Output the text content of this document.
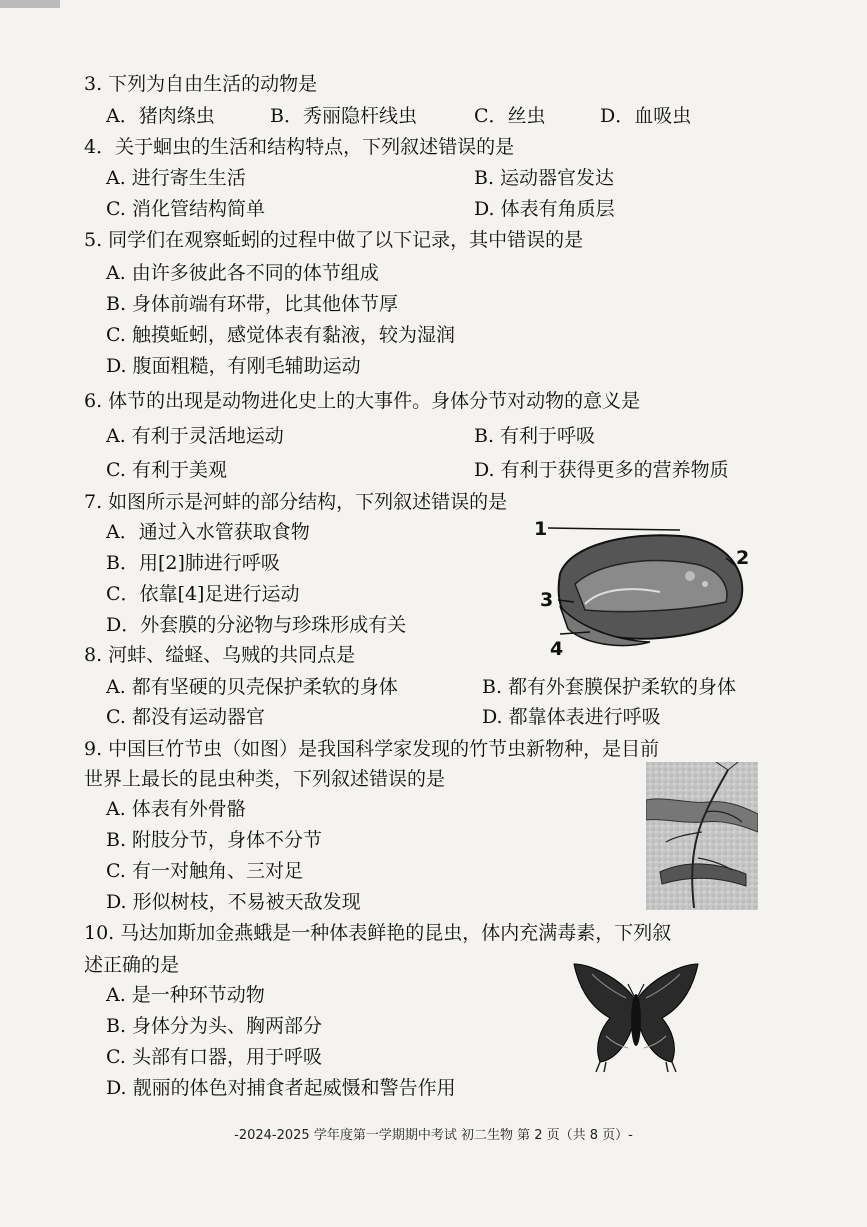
3. 下列为自由生活的动物是
A．猪肉绦虫	B．秀丽隐杆线虫	C．丝虫	D．血吸虫
4．关于蛔虫的生活和结构特点，下列叙述错误的是
A. 进行寄生生活	B. 运动器官发达
C. 消化管结构简单	D. 体表有角质层
5. 同学们在观察蚯蚓的过程中做了以下记录，其中错误的是
A. 由许多彼此各不同的体节组成
B. 身体前端有环带，比其他体节厚
C. 触摸蚯蚓，感觉体表有黏液，较为湿润
D. 腹面粗糙，有刚毛辅助运动
6. 体节的出现是动物进化史上的大事件。身体分节对动物的意义是
A. 有利于灵活地运动	B. 有利于呼吸
C. 有利于美观	D. 有利于获得更多的营养物质
7. 如图所示是河蚌的部分结构，下列叙述错误的是
A．通过入水管获取食物
B．用[2]肺进行呼吸
C．依靠[4]足进行运动
D．外套膜的分泌物与珍珠形成有关
1
2
3
4
8. 河蚌、缢蛏、乌贼的共同点是
A. 都有坚硬的贝壳保护柔软的身体	B. 都有外套膜保护柔软的身体
C. 都没有运动器官	D. 都靠体表进行呼吸
9. 中国巨竹节虫（如图）是我国科学家发现的竹节虫新物种，是目前
世界上最长的昆虫种类，下列叙述错误的是
A. 体表有外骨骼
B. 附肢分节，身体不分节
C. 有一对触角、三对足
D. 形似树枝，不易被天敌发现
10. 马达加斯加金燕蛾是一种体表鲜艳的昆虫，体内充满毒素，下列叙
述正确的是
A. 是一种环节动物
B. 身体分为头、胸两部分
C. 头部有口器，用于呼吸
D. 靓丽的体色对捕食者起威慑和警告作用
-2024-2025 学年度第一学期期中考试 初二生物 第 2 页（共 8 页）-
